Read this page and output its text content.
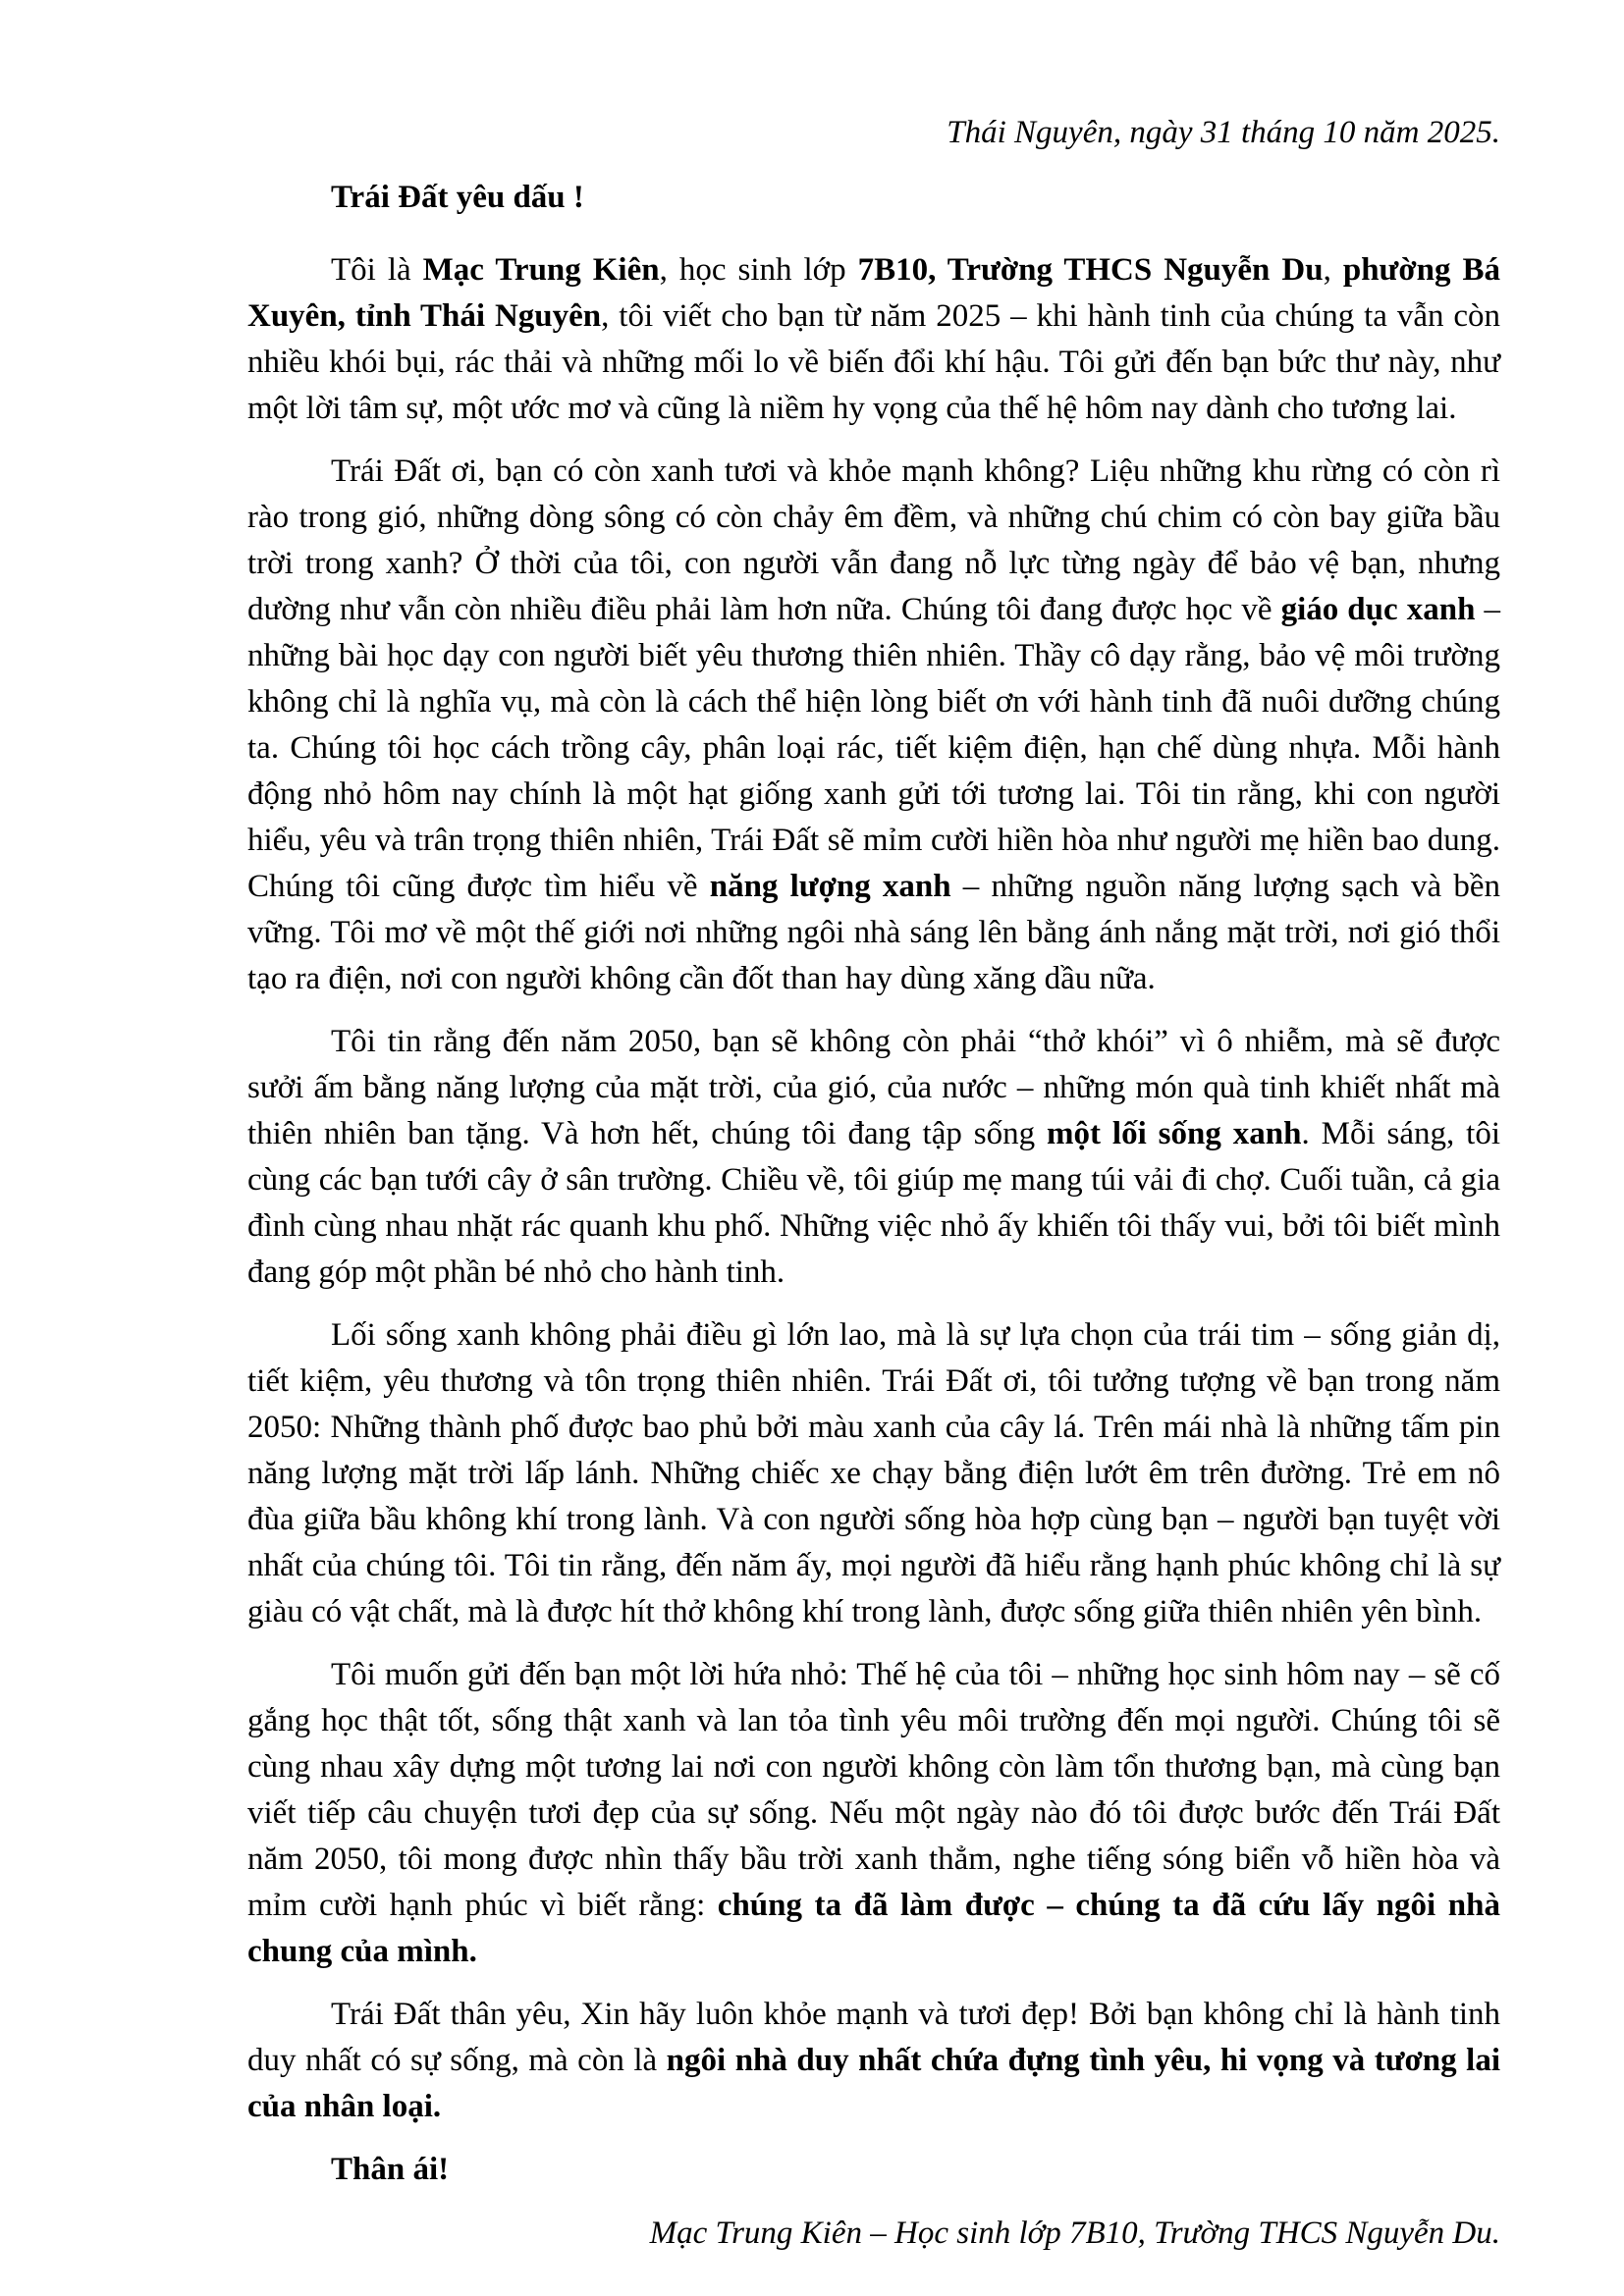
Thái Nguyên, ngày 31 tháng 10 năm 2025.

Trái Đất yêu dấu !

Tôi là Mạc Trung Kiên, học sinh lớp 7B10, Trường THCS Nguyễn Du, phường Bá Xuyên, tỉnh Thái Nguyên, tôi viết cho bạn từ năm 2025 – khi hành tinh của chúng ta vẫn còn nhiều khói bụi, rác thải và những mối lo về biến đổi khí hậu. Tôi gửi đến bạn bức thư này, như một lời tâm sự, một ước mơ và cũng là niềm hy vọng của thế hệ hôm nay dành cho tương lai.

Trái Đất ơi, bạn có còn xanh tươi và khỏe mạnh không? Liệu những khu rừng có còn rì rào trong gió, những dòng sông có còn chảy êm đềm, và những chú chim có còn bay giữa bầu trời trong xanh? Ở thời của tôi, con người vẫn đang nỗ lực từng ngày để bảo vệ bạn, nhưng dường như vẫn còn nhiều điều phải làm hơn nữa. Chúng tôi đang được học về giáo dục xanh – những bài học dạy con người biết yêu thương thiên nhiên. Thầy cô dạy rằng, bảo vệ môi trường không chỉ là nghĩa vụ, mà còn là cách thể hiện lòng biết ơn với hành tinh đã nuôi dưỡng chúng ta. Chúng tôi học cách trồng cây, phân loại rác, tiết kiệm điện, hạn chế dùng nhựa. Mỗi hành động nhỏ hôm nay chính là một hạt giống xanh gửi tới tương lai. Tôi tin rằng, khi con người hiểu, yêu và trân trọng thiên nhiên, Trái Đất sẽ mỉm cười hiền hòa như người mẹ hiền bao dung. Chúng tôi cũng được tìm hiểu về năng lượng xanh – những nguồn năng lượng sạch và bền vững. Tôi mơ về một thế giới nơi những ngôi nhà sáng lên bằng ánh nắng mặt trời, nơi gió thổi tạo ra điện, nơi con người không cần đốt than hay dùng xăng dầu nữa.

Tôi tin rằng đến năm 2050, bạn sẽ không còn phải “thở khói” vì ô nhiễm, mà sẽ được sưởi ấm bằng năng lượng của mặt trời, của gió, của nước – những món quà tinh khiết nhất mà thiên nhiên ban tặng. Và hơn hết, chúng tôi đang tập sống một lối sống xanh. Mỗi sáng, tôi cùng các bạn tưới cây ở sân trường. Chiều về, tôi giúp mẹ mang túi vải đi chợ. Cuối tuần, cả gia đình cùng nhau nhặt rác quanh khu phố. Những việc nhỏ ấy khiến tôi thấy vui, bởi tôi biết mình đang góp một phần bé nhỏ cho hành tinh.

Lối sống xanh không phải điều gì lớn lao, mà là sự lựa chọn của trái tim – sống giản dị, tiết kiệm, yêu thương và tôn trọng thiên nhiên. Trái Đất ơi, tôi tưởng tượng về bạn trong năm 2050: Những thành phố được bao phủ bởi màu xanh của cây lá. Trên mái nhà là những tấm pin năng lượng mặt trời lấp lánh. Những chiếc xe chạy bằng điện lướt êm trên đường. Trẻ em nô đùa giữa bầu không khí trong lành. Và con người sống hòa hợp cùng bạn – người bạn tuyệt vời nhất của chúng tôi. Tôi tin rằng, đến năm ấy, mọi người đã hiểu rằng hạnh phúc không chỉ là sự giàu có vật chất, mà là được hít thở không khí trong lành, được sống giữa thiên nhiên yên bình.

Tôi muốn gửi đến bạn một lời hứa nhỏ: Thế hệ của tôi – những học sinh hôm nay – sẽ cố gắng học thật tốt, sống thật xanh và lan tỏa tình yêu môi trường đến mọi người. Chúng tôi sẽ cùng nhau xây dựng một tương lai nơi con người không còn làm tổn thương bạn, mà cùng bạn viết tiếp câu chuyện tươi đẹp của sự sống. Nếu một ngày nào đó tôi được bước đến Trái Đất năm 2050, tôi mong được nhìn thấy bầu trời xanh thẳm, nghe tiếng sóng biển vỗ hiền hòa và mỉm cười hạnh phúc vì biết rằng: chúng ta đã làm được – chúng ta đã cứu lấy ngôi nhà chung của mình.

Trái Đất thân yêu, Xin hãy luôn khỏe mạnh và tươi đẹp! Bởi bạn không chỉ là hành tinh duy nhất có sự sống, mà còn là ngôi nhà duy nhất chứa đựng tình yêu, hi vọng và tương lai của nhân loại.

Thân ái!

Mạc Trung Kiên – Học sinh lớp 7B10, Trường THCS Nguyễn Du.
